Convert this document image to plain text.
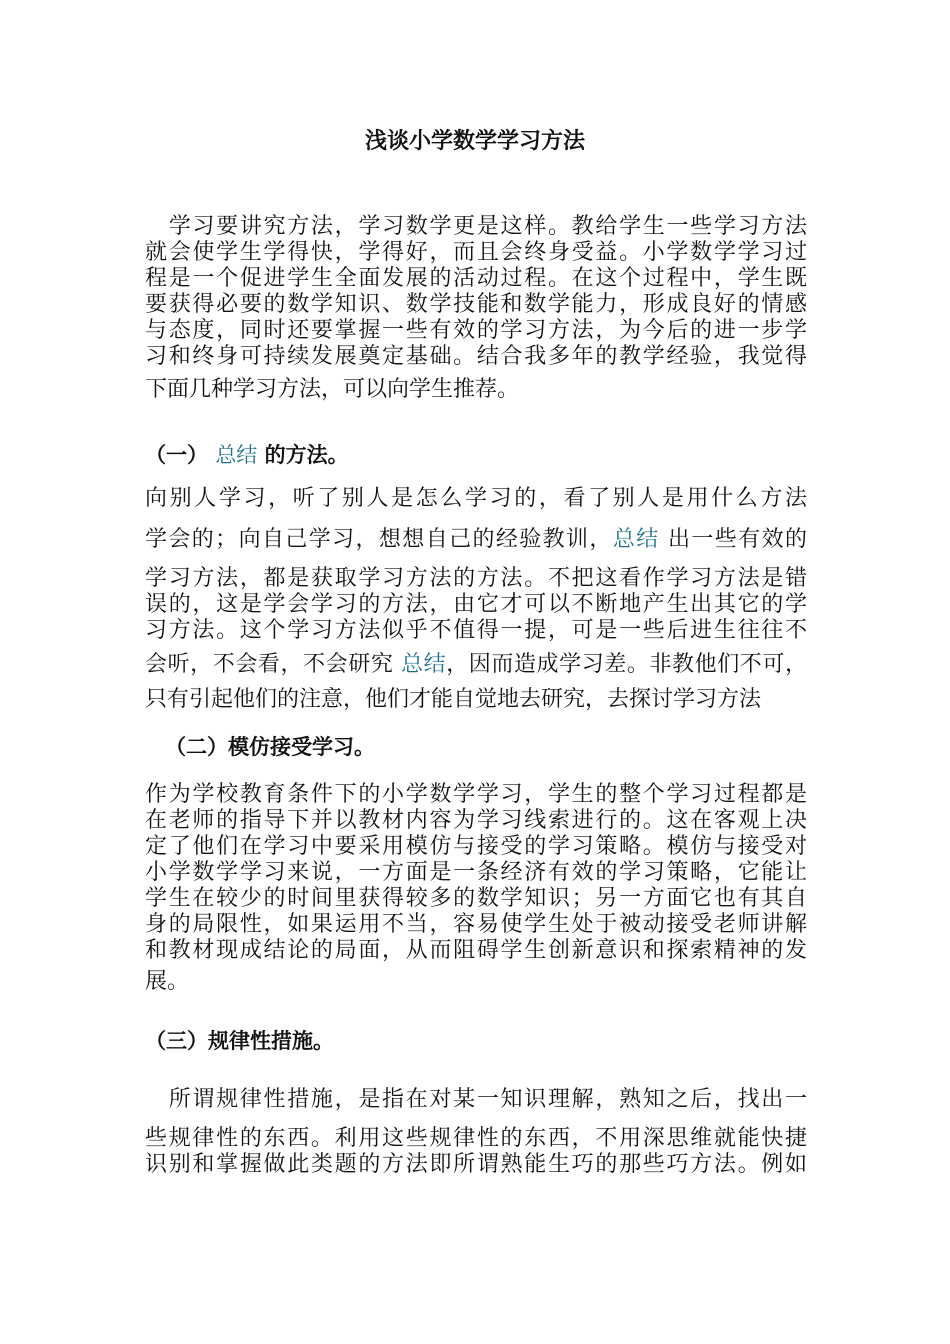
浅谈小学数学学习方法
　学习要讲究方法，学习数学更是这样。教给学生一些学习方法
就会使学生学得快，学得好，而且会终身受益。小学数学学习过
程是一个促进学生全面发展的活动过程。在这个过程中，学生既
要获得必要的数学知识、数学技能和数学能力，形成良好的情感
与态度，同时还要掌握一些有效的学习方法，为今后的进一步学
习和终身可持续发展奠定基础。结合我多年的教学经验，我觉得
下面几种学习方法，可以向学生推荐。
（一） 总结 的方法。
向别人学习，听了别人是怎么学习的，看了别人是用什么方法
学会的；向自己学习，想想自己的经验教训，总结 出一些有效的
学习方法，都是获取学习方法的方法。不把这看作学习方法是错
误的，这是学会学习的方法，由它才可以不断地产生出其它的学
习方法。这个学习方法似乎不值得一提，可是一些后进生往往不
会听，不会看，不会研究 总结，因而造成学习差。非教他们不可，
只有引起他们的注意，他们才能自觉地去研究，去探讨学习方法
（二）模仿接受学习。
作为学校教育条件下的小学数学学习，学生的整个学习过程都是
在老师的指导下并以教材内容为学习线索进行的。这在客观上决
定了他们在学习中要采用模仿与接受的学习策略。模仿与接受对
小学数学学习来说，一方面是一条经济有效的学习策略，它能让
学生在较少的时间里获得较多的数学知识；另一方面它也有其自
身的局限性，如果运用不当，容易使学生处于被动接受老师讲解
和教材现成结论的局面，从而阻碍学生创新意识和探索精神的发
展。
（三）规律性措施。
　所谓规律性措施，是指在对某一知识理解，熟知之后，找出一
些规律性的东西。利用这些规律性的东西，不用深思维就能快捷
识别和掌握做此类题的方法即所谓熟能生巧的那些巧方法。例如
